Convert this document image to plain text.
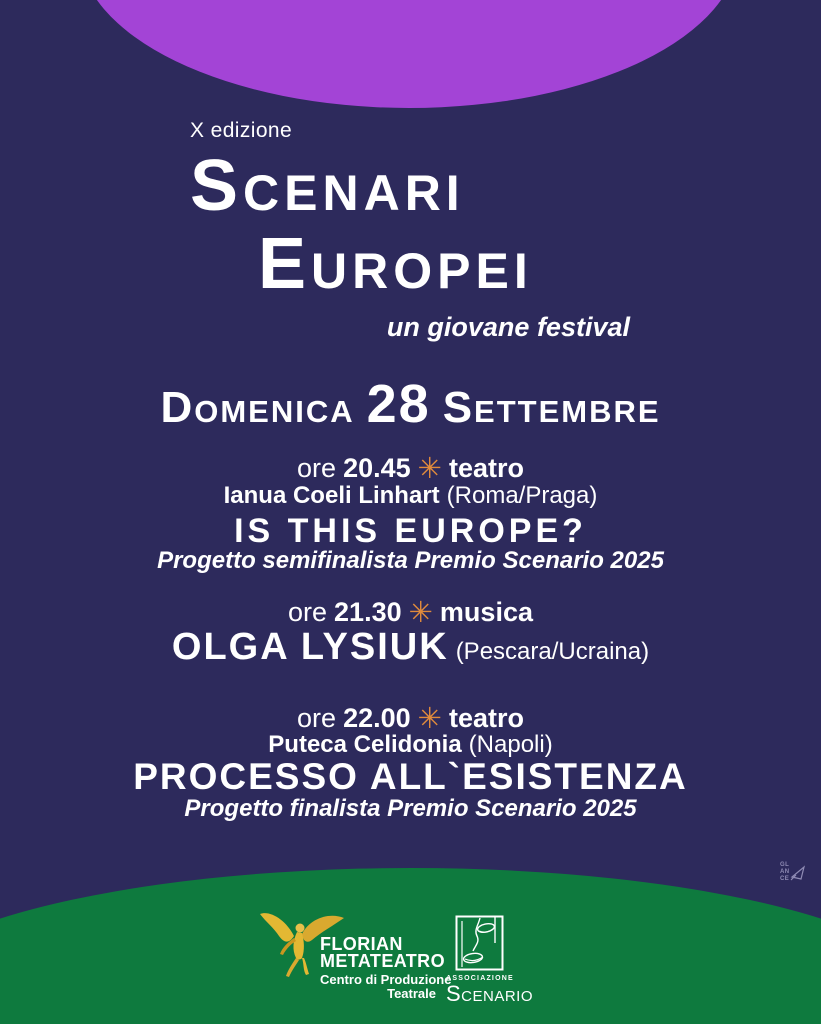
X edizione
Scenari
Europei
un giovane festival
Domenica 28 Settembre
ore 20.45 ✳ teatro
Ianua Coeli Linhart (Roma/Praga)
IS THIS EUROPE?
Progetto semifinalista Premio Scenario 2025
ore 21.30 ✳ musica
OLGA LYSIUK (Pescara/Ucraina)
ore 22.00 ✳ teatro
Puteca Celidonia (Napoli)
PROCESSO ALL`ESISTENZA
Progetto finalista Premio Scenario 2025
GL
AN
CE
FLORIAN
METATEATRO
Centro di Produzione
Teatrale
ASSOCIAZIONE
Scenario
